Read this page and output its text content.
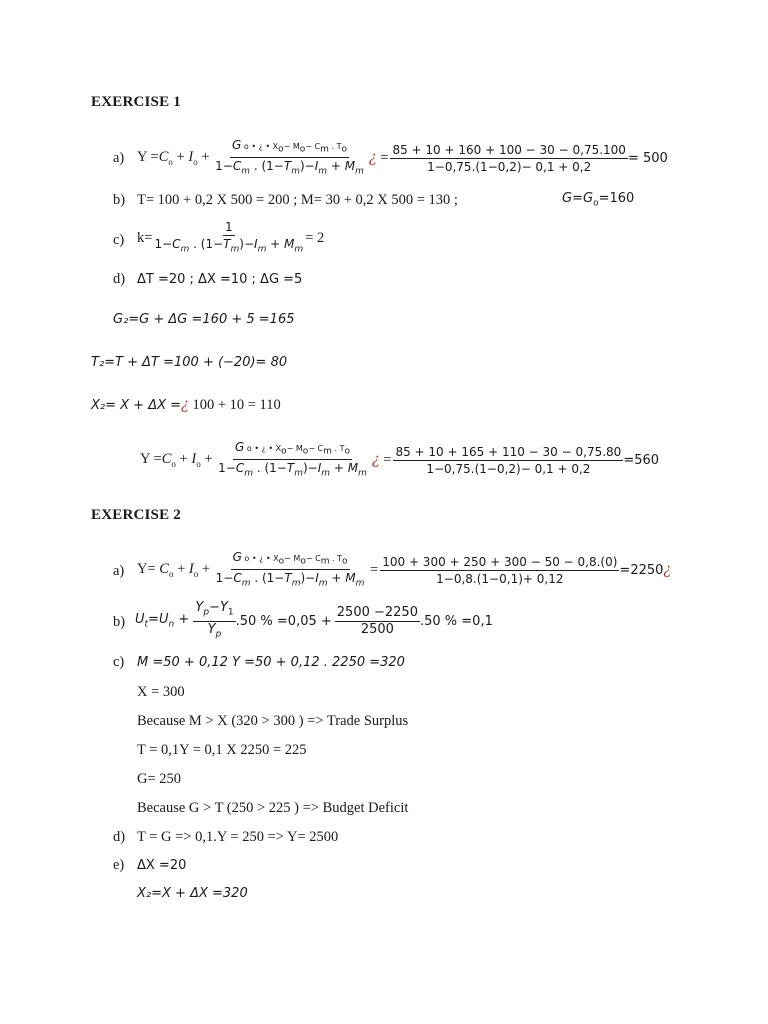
EXERCISE 1
a) $Y =C_o + I_o + \frac{G o • ¿ • X_o- M_o- C_m . T_o}{1-C_m . (1-T_m)-I_m + M_m}$ ¿ = $\frac{85 + 10 + 160 + 100 - 30 - 0,75.100}{1-0,75.(1-0,2)- 0,1 + 0,2} = 500$
b) T= 100 + 0,2 X 500 = 200 ; M= 30 + 0,2 X 500 = 130 ;	$G=G_o=160$
c) $k= \frac{1}{1-C_m . (1-T_m)-I_m + M_m} = 2$
d) ΔT =20 ; ΔX =10 ; ΔG =5
G₂=G + ΔG =160 + 5 =165
T₂=T + ΔT =100 + (−20)= 80
X₂= X + ΔX =¿ 100 + 10 = 110
$Y =C_o + I_o + \frac{G o • ¿ • X_o- M_o- C_m . T_o}{1-C_m . (1-T_m)-I_m + M_m}$ ¿ = $\frac{85 + 10 + 165 + 110 - 30 - 0,75.80}{1-0,75.(1-0,2)- 0,1 + 0,2} =560$
EXERCISE 2
a) $Y= C_o + I_o + \frac{G o • ¿ • X_o- M_o- C_m . T_o}{1-C_m . (1-T_m)-I_m + M_m} = \frac{100 + 300 + 250 + 300 - 50 - 0,8.(0)}{1-0,8.(1-0,1)+ 0,12} =2250$ ¿
b) $U_t=U_n + \frac{Y_p-Y_1}{Y_p} .50$ % $=0,05 + \frac{2500 -2250}{2500} .50$ % =0,1
c) M =50 + 0,12 Y =50 + 0,12 . 2250 =320
X = 300
Because M > X (320 > 300 ) => Trade Surplus
T = 0,1Y = 0,1 X 2250 = 225
G= 250
Because G > T (250 > 225 ) => Budget Deficit
d) T = G => 0,1.Y = 250 => Y= 2500
e) ΔX =20
X₂=X + ΔX =320
